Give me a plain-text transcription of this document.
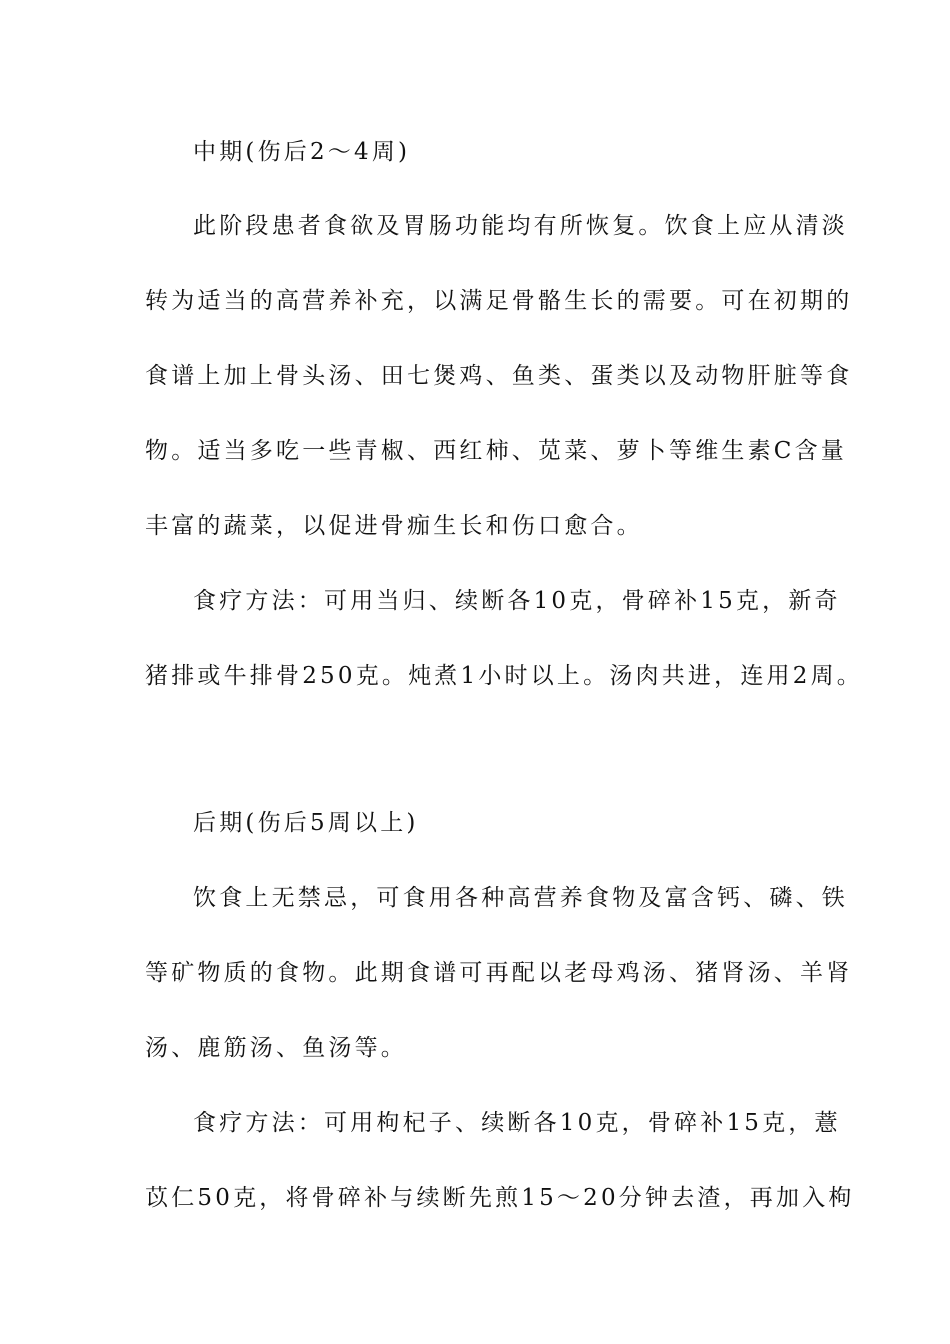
中期(伤后2～4周)
此阶段患者食欲及胃肠功能均有所恢复。饮食上应从清淡
转为适当的高营养补充，以满足骨骼生长的需要。可在初期的
食谱上加上骨头汤、田七煲鸡、鱼类、蛋类以及动物肝脏等食
物。适当多吃一些青椒、西红柿、苋菜、萝卜等维生素C含量
丰富的蔬菜，以促进骨痂生长和伤口愈合。
食疗方法：可用当归、续断各10克，骨碎补15克，新奇
猪排或牛排骨250克。炖煮1小时以上。汤肉共进，连用2周。
后期(伤后5周以上)
饮食上无禁忌，可食用各种高营养食物及富含钙、磷、铁
等矿物质的食物。此期食谱可再配以老母鸡汤、猪肾汤、羊肾
汤、鹿筋汤、鱼汤等。
食疗方法：可用枸杞子、续断各10克，骨碎补15克，薏
苡仁50克，将骨碎补与续断先煎15～20分钟去渣，再加入枸
